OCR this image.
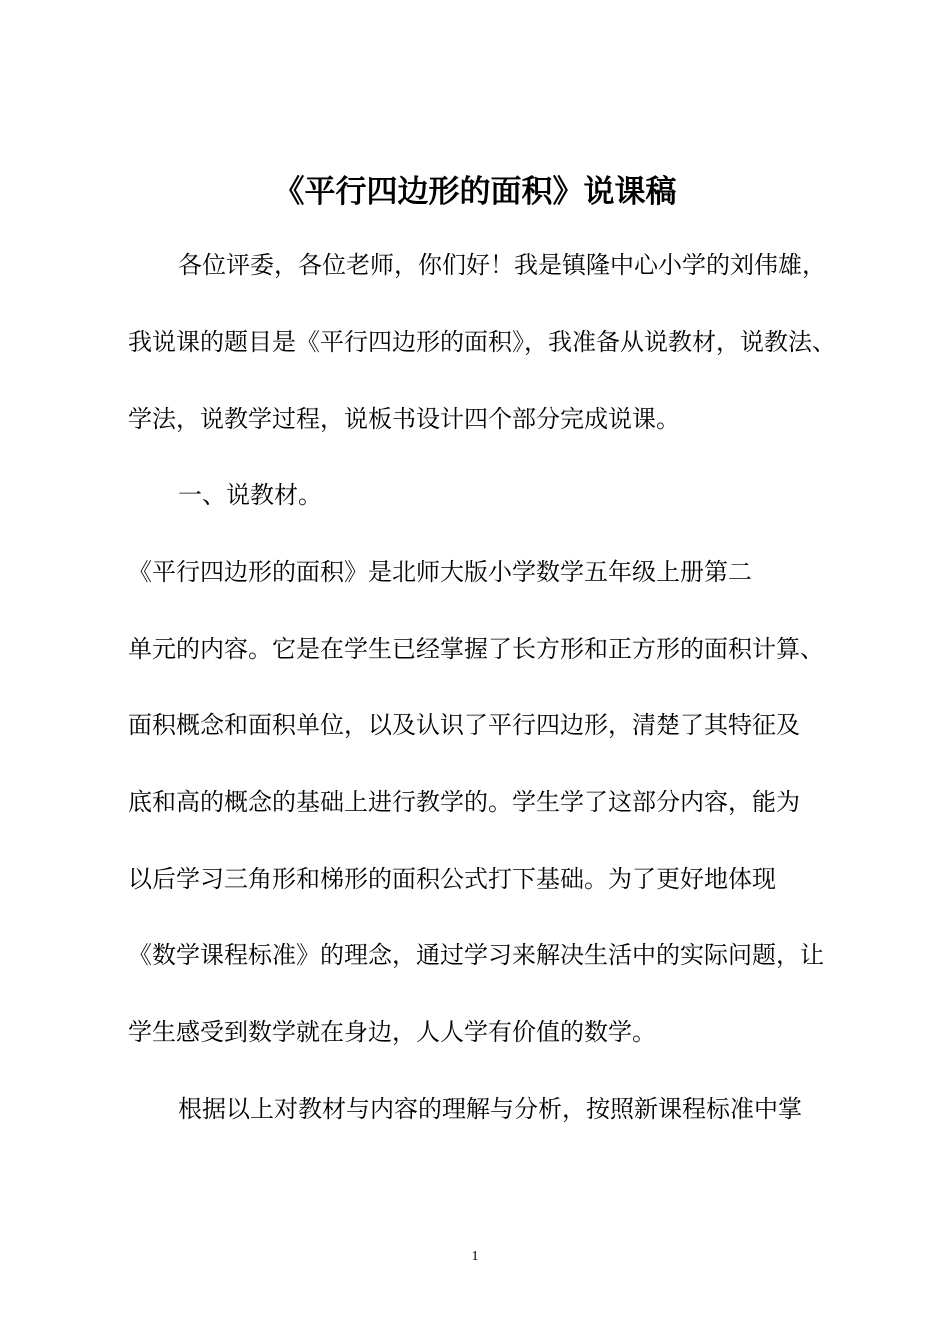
《平行四边形的面积》说课稿
各位评委，各位老师，你们好！我是镇隆中心小学的刘伟雄，
我说课的题目是《平行四边形的面积》，我准备从说教材，说教法、
学法，说教学过程，说板书设计四个部分完成说课。
一、说教材。
《平行四边形的面积》是北师大版小学数学五年级上册第二
单元的内容。它是在学生已经掌握了长方形和正方形的面积计算、
面积概念和面积单位，以及认识了平行四边形，清楚了其特征及
底和高的概念的基础上进行教学的。学生学了这部分内容，能为
以后学习三角形和梯形的面积公式打下基础。为了更好地体现
《数学课程标准》的理念，通过学习来解决生活中的实际问题，让
学生感受到数学就在身边，人人学有价值的数学。
根据以上对教材与内容的理解与分析，按照新课程标准中掌
1
